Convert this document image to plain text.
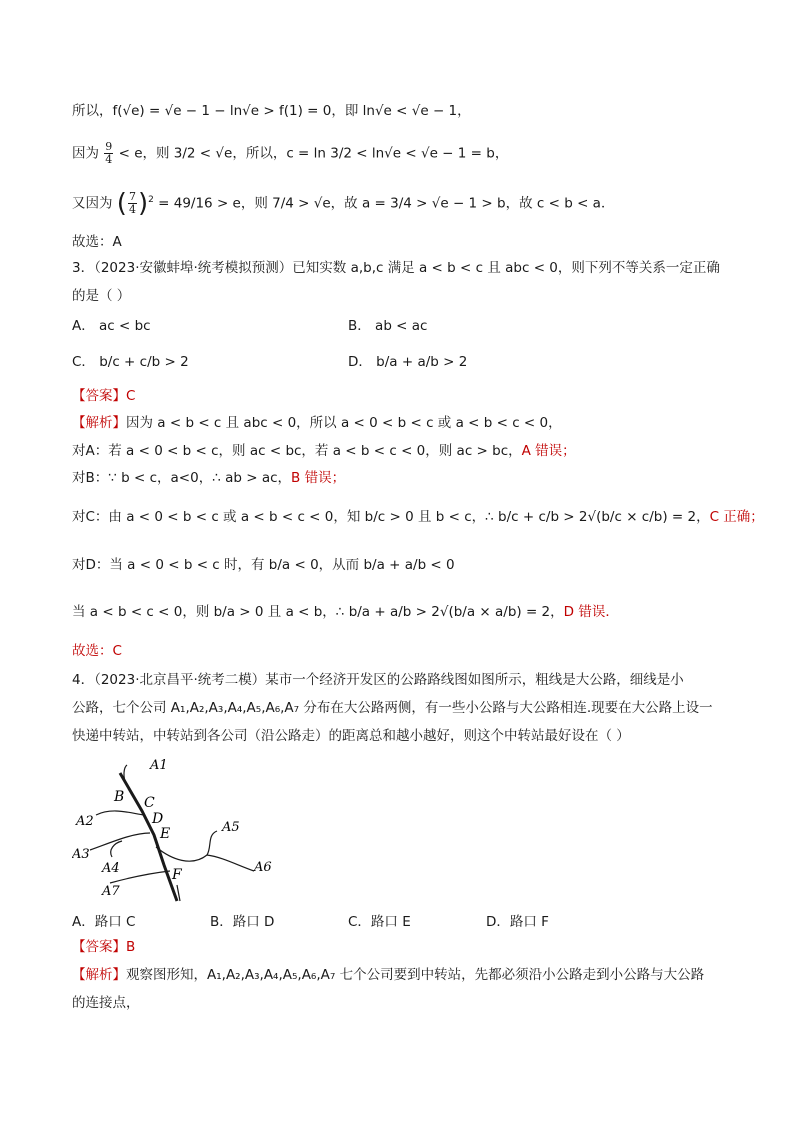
所以，f(√e) = √e − 1 − ln√e > f(1) = 0，即 ln√e < √e − 1，
因为 $\frac{9}{4} < e$，则 3/2 < √e，所以，c = ln 3/2 < ln√e < √e − 1 = b，
又因为 ( $\frac{7}{4} )^2 = 49/16 > e$，则 7/4 > √e，故 a = 3/4 > √e − 1 > b，故 c < b < a．
故选：A
3．（2023·安徽蚌埠·统考模拟预测）已知实数 a,b,c 满足 a < b < c 且 abc < 0，则下列不等关系一定正确
的是（ ）
A． ac < bc	B． ab < ac
C． b/c + c/b > 2	D． b/a + a/b > 2
【答案】C
【解析】因为 a < b < c 且 abc < 0，所以 a < 0 < b < c 或 a < b < c < 0，
对A：若 a < 0 < b < c，则 ac < bc，若 a < b < c < 0，则 ac > bc，A 错误；
对B：∵ b < c，a<0，∴ ab > ac，B 错误；
对C：由 a < 0 < b < c 或 a < b < c < 0，知 b/c > 0 且 b < c，∴ b/c + c/b > 2√(b/c × c/b) = 2，C 正确；
对D：当 a < 0 < b < c 时，有 b/a < 0，从而 b/a + a/b < 0
当 a < b < c < 0，则 b/a > 0 且 a < b，∴ b/a + a/b > 2√(b/a × a/b) = 2，D 错误．
故选：C
4．（2023·北京昌平·统考二模）某市一个经济开发区的公路路线图如图所示，粗线是大公路，细线是小
公路，七个公司 A₁,A₂,A₃,A₄,A₅,A₆,A₇ 分布在大公路两侧，有一些小公路与大公路相连.现要在大公路上设一
快递中转站，中转站到各公司（沿公路走）的距离总和越小越好，则这个中转站最好设在（ ）
A1
B C
A2	D
E	A5
A3
A4	A6
F
A7
A．路口 C	B．路口 D	C．路口 E	D．路口 F
【答案】B
【解析】观察图形知，A₁,A₂,A₃,A₄,A₅,A₆,A₇ 七个公司要到中转站，先都必须沿小公路走到小公路与大公路
的连接点，
